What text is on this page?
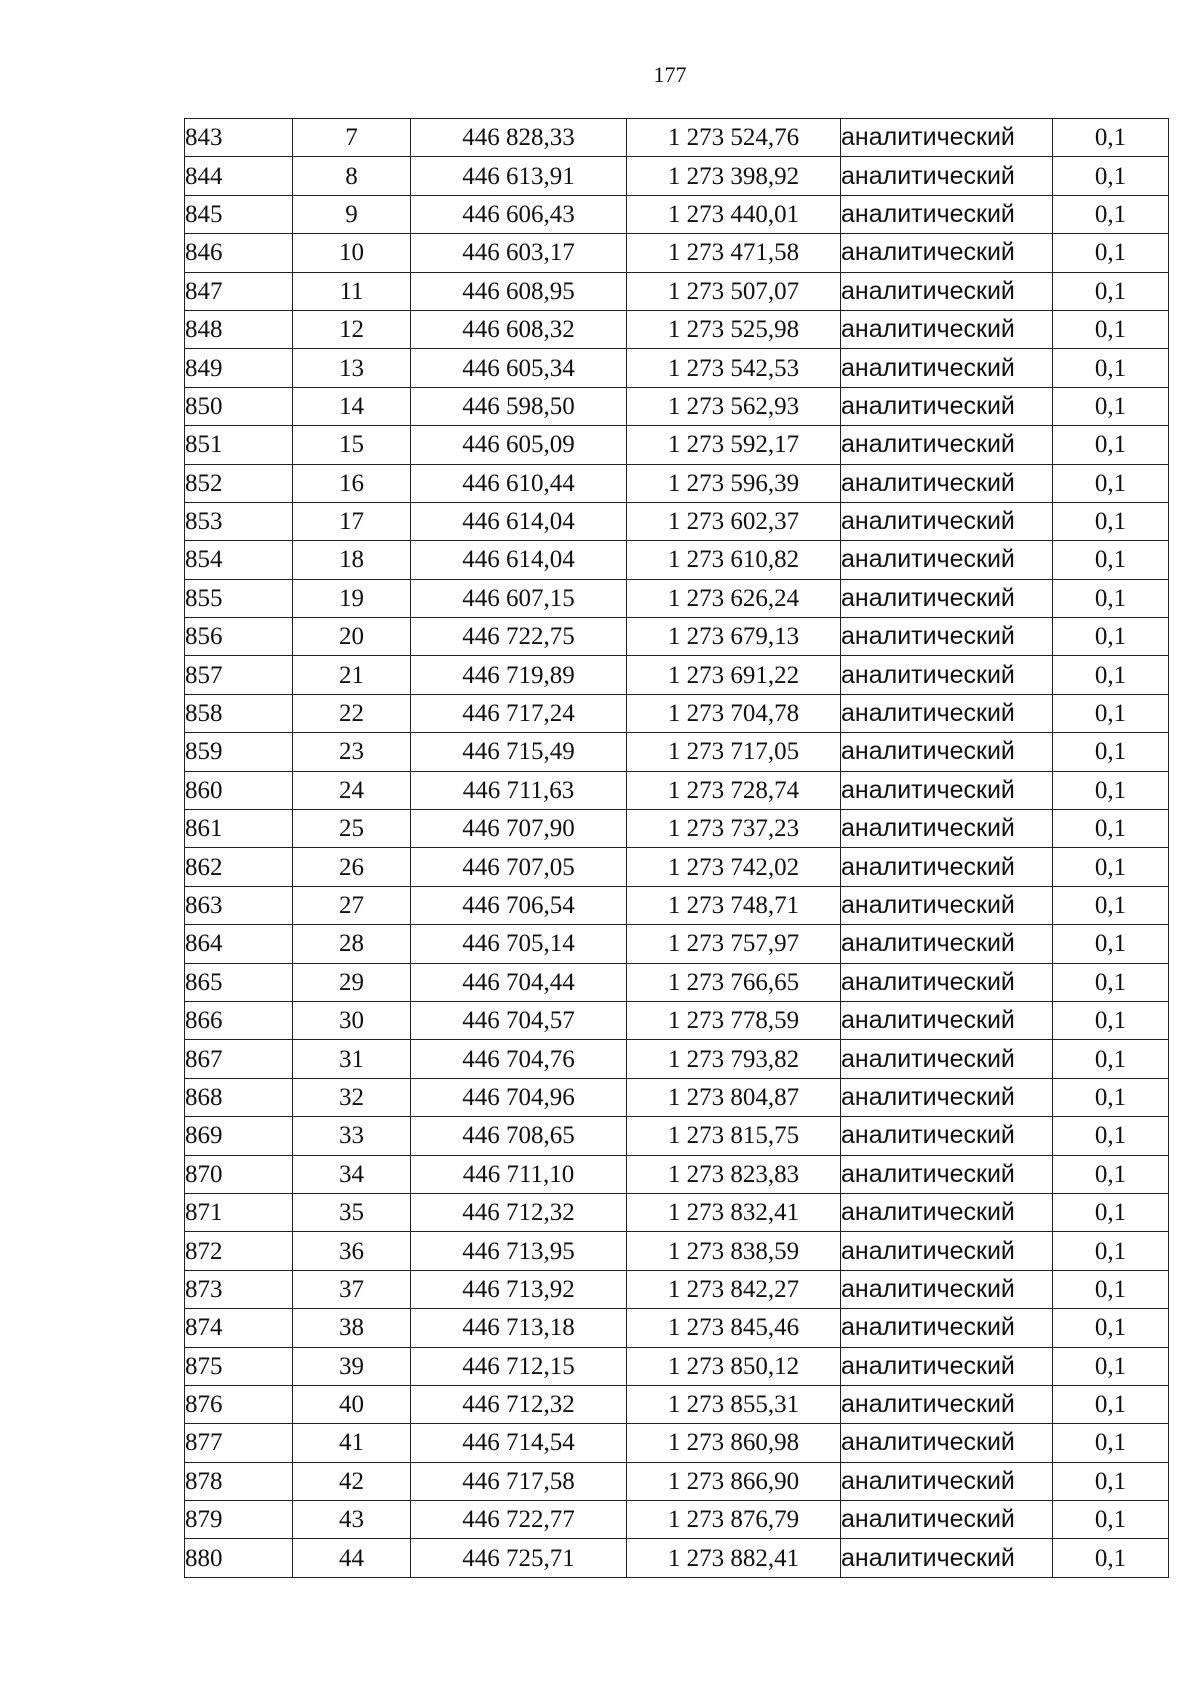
177
843	7	446 828,33	1 273 524,76	аналитический	0,1
844	8	446 613,91	1 273 398,92	аналитический	0,1
845	9	446 606,43	1 273 440,01	аналитический	0,1
846	10	446 603,17	1 273 471,58	аналитический	0,1
847	11	446 608,95	1 273 507,07	аналитический	0,1
848	12	446 608,32	1 273 525,98	аналитический	0,1
849	13	446 605,34	1 273 542,53	аналитический	0,1
850	14	446 598,50	1 273 562,93	аналитический	0,1
851	15	446 605,09	1 273 592,17	аналитический	0,1
852	16	446 610,44	1 273 596,39	аналитический	0,1
853	17	446 614,04	1 273 602,37	аналитический	0,1
854	18	446 614,04	1 273 610,82	аналитический	0,1
855	19	446 607,15	1 273 626,24	аналитический	0,1
856	20	446 722,75	1 273 679,13	аналитический	0,1
857	21	446 719,89	1 273 691,22	аналитический	0,1
858	22	446 717,24	1 273 704,78	аналитический	0,1
859	23	446 715,49	1 273 717,05	аналитический	0,1
860	24	446 711,63	1 273 728,74	аналитический	0,1
861	25	446 707,90	1 273 737,23	аналитический	0,1
862	26	446 707,05	1 273 742,02	аналитический	0,1
863	27	446 706,54	1 273 748,71	аналитический	0,1
864	28	446 705,14	1 273 757,97	аналитический	0,1
865	29	446 704,44	1 273 766,65	аналитический	0,1
866	30	446 704,57	1 273 778,59	аналитический	0,1
867	31	446 704,76	1 273 793,82	аналитический	0,1
868	32	446 704,96	1 273 804,87	аналитический	0,1
869	33	446 708,65	1 273 815,75	аналитический	0,1
870	34	446 711,10	1 273 823,83	аналитический	0,1
871	35	446 712,32	1 273 832,41	аналитический	0,1
872	36	446 713,95	1 273 838,59	аналитический	0,1
873	37	446 713,92	1 273 842,27	аналитический	0,1
874	38	446 713,18	1 273 845,46	аналитический	0,1
875	39	446 712,15	1 273 850,12	аналитический	0,1
876	40	446 712,32	1 273 855,31	аналитический	0,1
877	41	446 714,54	1 273 860,98	аналитический	0,1
878	42	446 717,58	1 273 866,90	аналитический	0,1
879	43	446 722,77	1 273 876,79	аналитический	0,1
880	44	446 725,71	1 273 882,41	аналитический	0,1
